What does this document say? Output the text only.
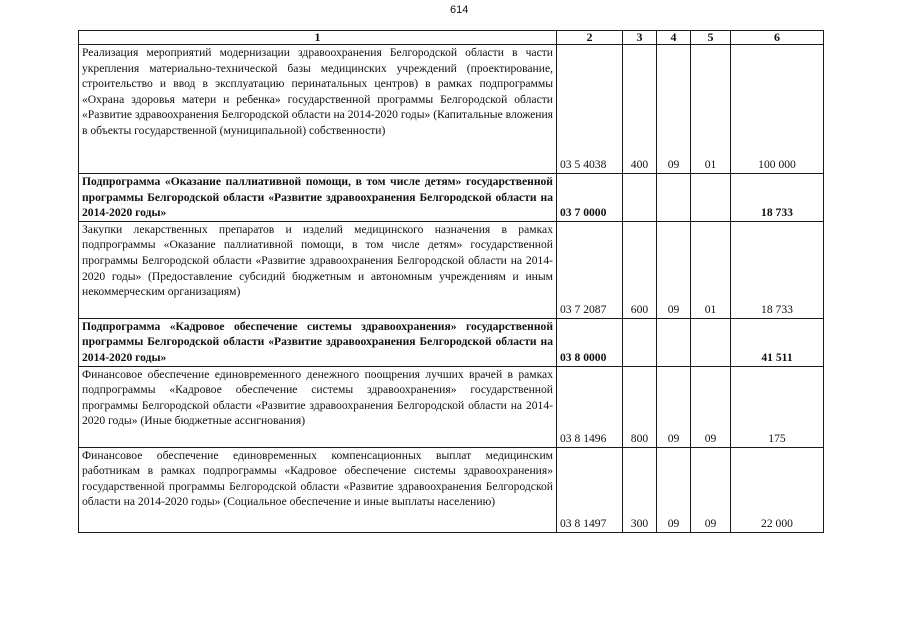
614
1	2	3	4	5	6
Реализация мероприятий модернизации здравоохранения Белгородской области в части укрепления материально-технической базы медицинских учреждений (проектирование, строительство и ввод в эксплуатацию перинатальных центров) в рамках подпрограммы «Охрана здоровья матери и ребенка» государственной программы Белгородской области «Развитие здравоохранения Белгородской области на 2014-2020 годы» (Капитальные вложения в объекты государственной (муниципальной) собственности)	03 5 4038	400	09	01	100 000
Подпрограмма «Оказание паллиативной помощи, в том числе детям» государственной программы Белгородской области «Развитие здравоохранения Белгородской области на 2014-2020 годы»	03 7 0000				18 733
Закупки лекарственных препаратов и изделий медицинского назначения в рамках подпрограммы «Оказание паллиативной помощи, в том числе детям» государственной программы Белгородской области «Развитие здравоохранения Белгородской области на 2014-2020 годы» (Предоставление субсидий бюджетным и автономным учреждениям и иным некоммерческим организациям)	03 7 2087	600	09	01	18 733
Подпрограмма «Кадровое обеспечение системы здравоохранения» государственной программы Белгородской области «Развитие здравоохранения Белгородской области на 2014-2020 годы»	03 8 0000				41 511
Финансовое обеспечение единовременного денежного поощрения лучших врачей в рамках подпрограммы «Кадровое обеспечение системы здравоохранения» государственной программы Белгородской области «Развитие здравоохранения Белгородской области на 2014-2020 годы» (Иные бюджетные ассигнования)	03 8 1496	800	09	09	175
Финансовое обеспечение единовременных компенсационных выплат медицинским работникам в рамках подпрограммы «Кадровое обеспечение системы здравоохранения» государственной программы Белгородской области «Развитие здравоохранения Белгородской области на 2014-2020 годы» (Социальное обеспечение и иные выплаты населению)	03 8 1497	300	09	09	22 000
